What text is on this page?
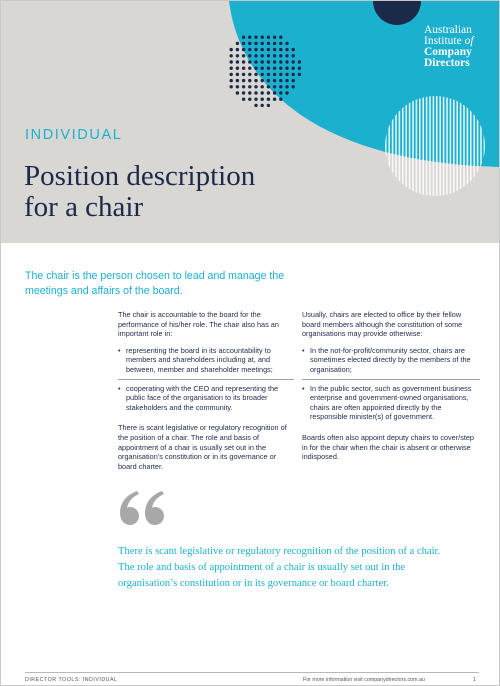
Australian
Institute of
Company
Directors
INDIVIDUAL
Position description
for a chair
The chair is the person chosen to lead and manage the meetings and affairs of the board.

The chair is accountable to the board for the performance of his/her role. The chair also has an important role in:

• representing the board in its accountability to members and shareholders including at, and between, member and shareholder meetings;
• cooperating with the CEO and representing the public face of the organisation to its broader stakeholders and the community.

There is scant legislative or regulatory recognition of the position of a chair. The role and basis of appointment of a chair is usually set out in the organisation’s constitution or in its governance or board charter.

Usually, chairs are elected to office by their fellow board members although the constitution of some organisations may provide otherwise:

• In the not-for-profit/community sector, chairs are sometimes elected directly by the members of the organisation;
• In the public sector, such as government business enterprise and government-owned organisations, chairs are often appointed directly by the responsible minister(s) of government.

Boards often also appoint deputy chairs to cover/step in for the chair when the chair is absent or otherwise indisposed.

There is scant legislative or regulatory recognition of the position of a chair. The role and basis of appointment of a chair is usually set out in the organisation’s constitution or in its governance or board charter.
DIRECTOR TOOLS: INDIVIDUAL	For more information visit companydirectors.com.au	1
